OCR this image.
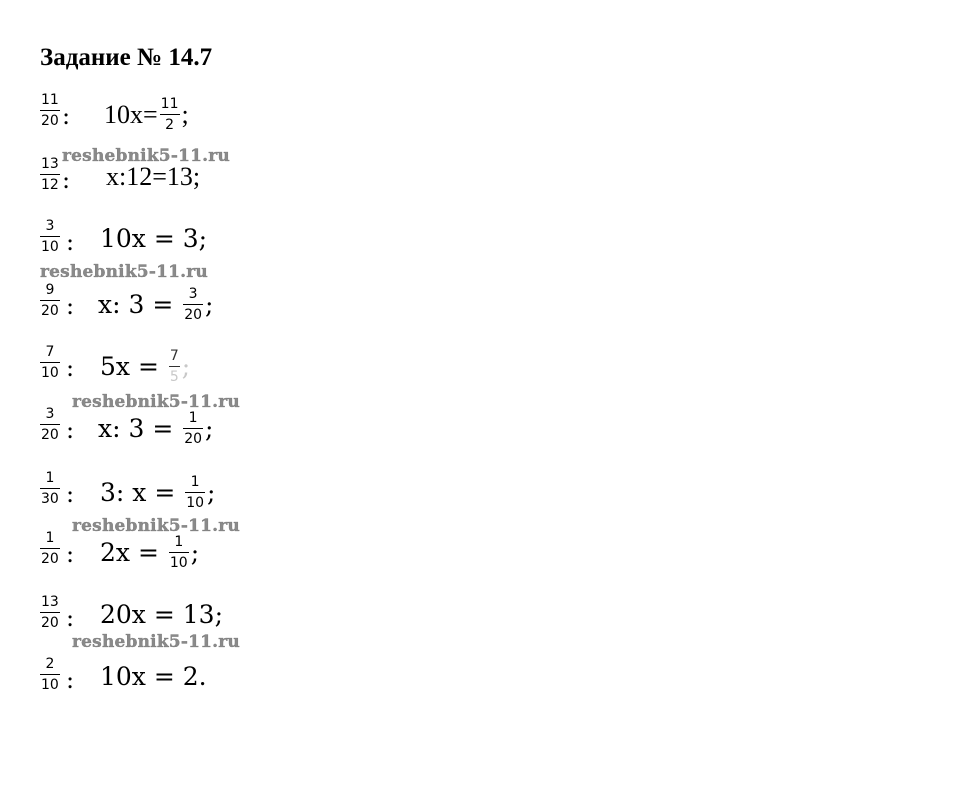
Задание № 14.7
11
20 : $10x= \frac{11}{2}$ ;
reshebnik5-11.ru
13
12 : x:12=13;
3
10 : 10x = 3;
reshebnik5-11.ru
9
20 : x: $3 = \frac{3}{20}$ ;
7
10 : $5x = \frac{7}{5}$ ;
reshebnik5-11.ru
3
20 : x: $3 = \frac{1}{20}$ ;
1
30 : 3: $x = \frac{1}{10}$ ;
reshebnik5-11.ru
1
20 : $2x = \frac{1}{10}$ ;
13
20 : 20x = 13;
reshebnik5-11.ru
2
10 : 10x = 2.
